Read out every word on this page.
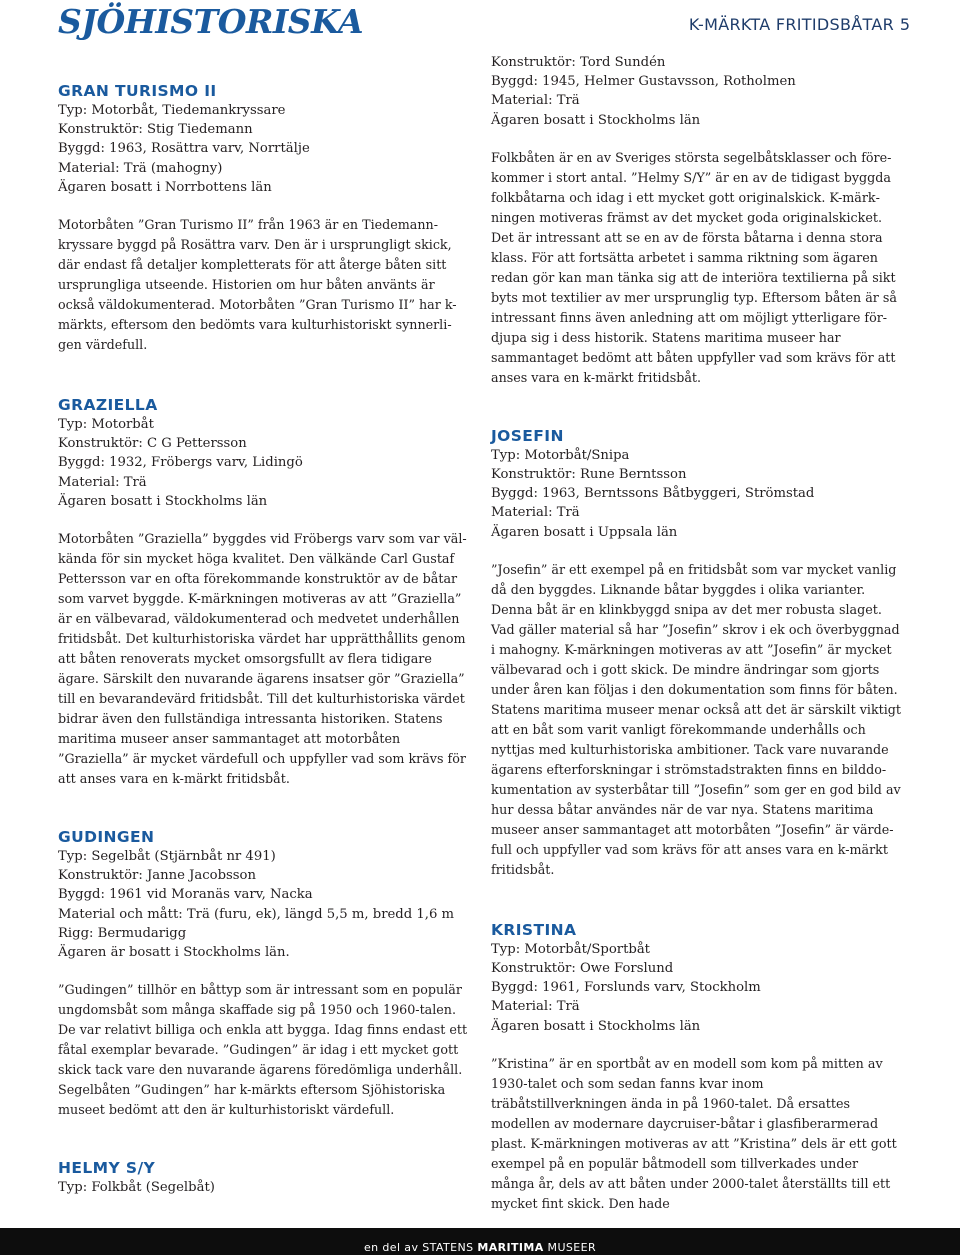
SJÖHISTORISKA	K-MÄRKTA FRITIDSBÅTAR 5
GRAN TURISMO II

Typ: Motorbåt, Tiedemankryssare

Konstruktör: Stig Tiedemann

Byggd: 1963, Rosättra varv, Norrtälje

Material: Trä (mahogny)

Ägaren bosatt i Norrbottens län

Motorbåten ”Gran Turismo II” från 1963 är en Tiedemannkryssare byggd på Rosättra varv. Den är i ursprungligt skick, där endast få detaljer kompletterats för att återge båten sitt ursprungliga utseende. Historien om hur båten använts är också väldokumenterad. Motorbåten ”Gran Turismo II” har k-märkts, eftersom den bedömts vara kulturhistoriskt synnerligen värdefull.

GRAZIELLA

Typ: Motorbåt

Konstruktör: C G Pettersson

Byggd: 1932, Fröbergs varv, Lidingö

Material: Trä

Ägaren bosatt i Stockholms län

Motorbåten ”Graziella” byggdes vid Fröbergs varv som var välkända för sin mycket höga kvalitet. Den välkände Carl Gustaf Pettersson var en ofta förekommande konstruktör av de båtar som varvet byggde. K-märkningen motiveras av att ”Graziella” är en välbevarad, väldokumenterad och medvetet underhållen fritidsbåt. Det kulturhistoriska värdet har upprätthållits genom att båten renoverats mycket omsorgsfullt av flera tidigare ägare. Särskilt den nuvarande ägarens insatser gör ”Graziella” till en bevarandevärd fritidsbåt. Till det kulturhistoriska värdet bidrar även den fullständiga intressanta historiken. Statens maritima museer anser sammantaget att motorbåten ”Graziella” är mycket värdefull och uppfyller vad som krävs för att anses vara en k-märkt fritidsbåt.

GUDINGEN

Typ: Segelbåt (Stjärnbåt nr 491)

Konstruktör: Janne Jacobsson

Byggd: 1961 vid Moranäs varv, Nacka

Material och mått: Trä (furu, ek), längd 5,5 m, bredd 1,6 m

Rigg: Bermudarigg

Ägaren är bosatt i Stockholms län.

”Gudingen” tillhör en båttyp som är intressant som en populär ungdomsbåt som många skaffade sig på 1950 och 1960-talen. De var relativt billiga och enkla att bygga. Idag finns endast ett fåtal exemplar bevarade. ”Gudingen” är idag i ett mycket gott skick tack vare den nuvarande ägarens föredömliga underhåll. Segelbåten ”Gudingen” har k-märkts eftersom Sjöhistoriska museet bedömt att den är kulturhistoriskt värdefull.

HELMY S/Y

Typ: Folkbåt (Segelbåt)

Konstruktör: Tord Sundén

Byggd: 1945, Helmer Gustavsson, Rotholmen

Material: Trä

Ägaren bosatt i Stockholms län

Folkbåten är en av Sveriges största segelbåtsklasser och förekommer i stort antal. ”Helmy S/Y” är en av de tidigast byggda folkbåtarna och idag i ett mycket gott originalskick. K-märkningen motiveras främst av det mycket goda originalskicket. Det är intressant att se en av de första båtarna i denna stora klass. För att fortsätta arbetet i samma riktning som ägaren redan gör kan man tänka sig att de interiöra textilierna på sikt byts mot textilier av mer ursprunglig typ. Eftersom båten är så intressant finns även anledning att om möjligt ytterligare fördjupa sig i dess historik. Statens maritima museer har sammantaget bedömt att båten uppfyller vad som krävs för att anses vara en k-märkt fritidsbåt.

JOSEFIN

Typ: Motorbåt/Snipa

Konstruktör: Rune Berntsson

Byggd: 1963, Berntssons Båtbyggeri, Strömstad

Material: Trä

Ägaren bosatt i Uppsala län

”Josefin” är ett exempel på en fritidsbåt som var mycket vanlig då den byggdes. Liknande båtar byggdes i olika varianter. Denna båt är en klinkbyggd snipa av det mer robusta slaget. Vad gäller material så har ”Josefin” skrov i ek och överbyggnad i mahogny. K-märkningen motiveras av att ”Josefin” är mycket välbevarad och i gott skick. De mindre ändringar som gjorts under åren kan följas i den dokumentation som finns för båten. Statens maritima museer menar också att det är särskilt viktigt att en båt som varit vanligt förekommande underhålls och nyttjas med kulturhistoriska ambitioner. Tack vare nuvarande ägarens efterforskningar i strömstadstrakten finns en bilddokumentation av systerbåtar till ”Josefin” som ger en god bild av hur dessa båtar användes när de var nya. Statens maritima museer anser sammantaget att motorbåten ”Josefin” är värdefull och uppfyller vad som krävs för att anses vara en k-märkt fritidsbåt.

KRISTINA

Typ: Motorbåt/Sportbåt

Konstruktör: Owe Forslund

Byggd: 1961, Forslunds varv, Stockholm

Material: Trä

Ägaren bosatt i Stockholms län

”Kristina” är en sportbåt av en modell som kom på mitten av 1930-talet och som sedan fanns kvar inom träbåtstillverkningen ända in på 1960-talet. Då ersattes modellen av modernare daycruiser-båtar i glasfiberarmerad plast. K-märkningen motiveras av att ”Kristina” dels är ett gott exempel på en populär båtmodell som tillverkades under många år, dels av att båten under 2000-talet återställts till ett mycket fint skick. Den hade

en del av STATENS MARITIMA MUSEER
